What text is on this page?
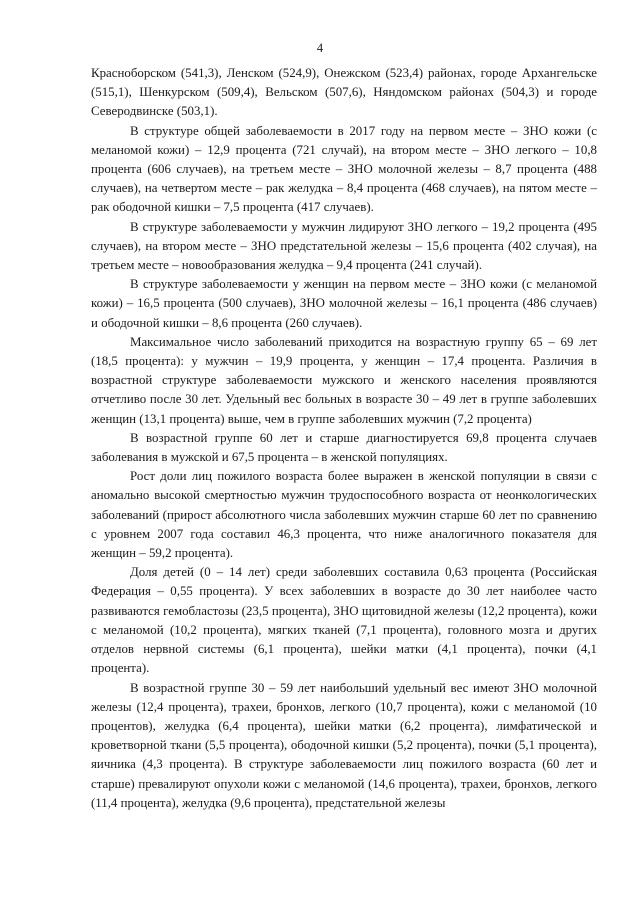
4

Красноборском (541,3), Ленском (524,9), Онежском (523,4) районах, городе Архангельске (515,1), Шенкурском (509,4), Вельском (507,6), Няндомском районах (504,3) и городе Северодвинске (503,1).

В структуре общей заболеваемости в 2017 году на первом месте – ЗНО кожи (с меланомой кожи) – 12,9 процента (721 случай), на втором месте – ЗНО легкого – 10,8 процента (606 случаев), на третьем месте – ЗНО молочной железы – 8,7 процента (488 случаев), на четвертом месте – рак желудка – 8,4 процента (468 случаев), на пятом месте – рак ободочной кишки – 7,5 процента (417 случаев).

В структуре заболеваемости у мужчин лидируют ЗНО легкого – 19,2 процента (495 случаев), на втором месте – ЗНО предстательной железы – 15,6 процента (402 случая), на третьем месте – новообразования желудка – 9,4 процента (241 случай).

В структуре заболеваемости у женщин на первом месте – ЗНО кожи (с меланомой кожи) – 16,5 процента (500 случаев), ЗНО молочной железы – 16,1 процента (486 случаев) и ободочной кишки – 8,6 процента (260 случаев).

Максимальное число заболеваний приходится на возрастную группу 65 – 69 лет (18,5 процента): у мужчин – 19,9 процента, у женщин – 17,4 процента. Различия в возрастной структуре заболеваемости мужского и женского населения проявляются отчетливо после 30 лет. Удельный вес больных в возрасте 30 – 49 лет в группе заболевших женщин (13,1 процента) выше, чем в группе заболевших мужчин (7,2 процента)

В возрастной группе 60 лет и старше диагностируется 69,8 процента случаев заболевания в мужской и 67,5 процента – в женской популяциях.

Рост доли лиц пожилого возраста более выражен в женской популяции в связи с аномально высокой смертностью мужчин трудоспособного возраста от неонкологических заболеваний (прирост абсолютного числа заболевших мужчин старше 60 лет по сравнению с уровнем 2007 года составил 46,3 процента, что ниже аналогичного показателя для женщин – 59,2 процента).

Доля детей (0 – 14 лет) среди заболевших составила 0,63 процента (Российская Федерация – 0,55 процента). У всех заболевших в возрасте до 30 лет наиболее часто развиваются гемобластозы (23,5 процента), ЗНО щитовидной железы (12,2 процента), кожи с меланомой (10,2 процента), мягких тканей (7,1 процента), головного мозга и других отделов нервной системы (6,1 процента), шейки матки (4,1 процента), почки (4,1 процента).

В возрастной группе 30 – 59 лет наибольший удельный вес имеют ЗНО молочной железы (12,4 процента), трахеи, бронхов, легкого (10,7 процента), кожи с меланомой (10 процентов), желудка (6,4 процента), шейки матки (6,2 процента), лимфатической и кроветворной ткани (5,5 процента), ободочной кишки (5,2 процента), почки (5,1 процента), яичника (4,3 процента). В структуре заболеваемости лиц пожилого возраста (60 лет и старше) превалируют опухоли кожи с меланомой (14,6 процента), трахеи, бронхов, легкого (11,4 процента), желудка (9,6 процента), предстательной железы
